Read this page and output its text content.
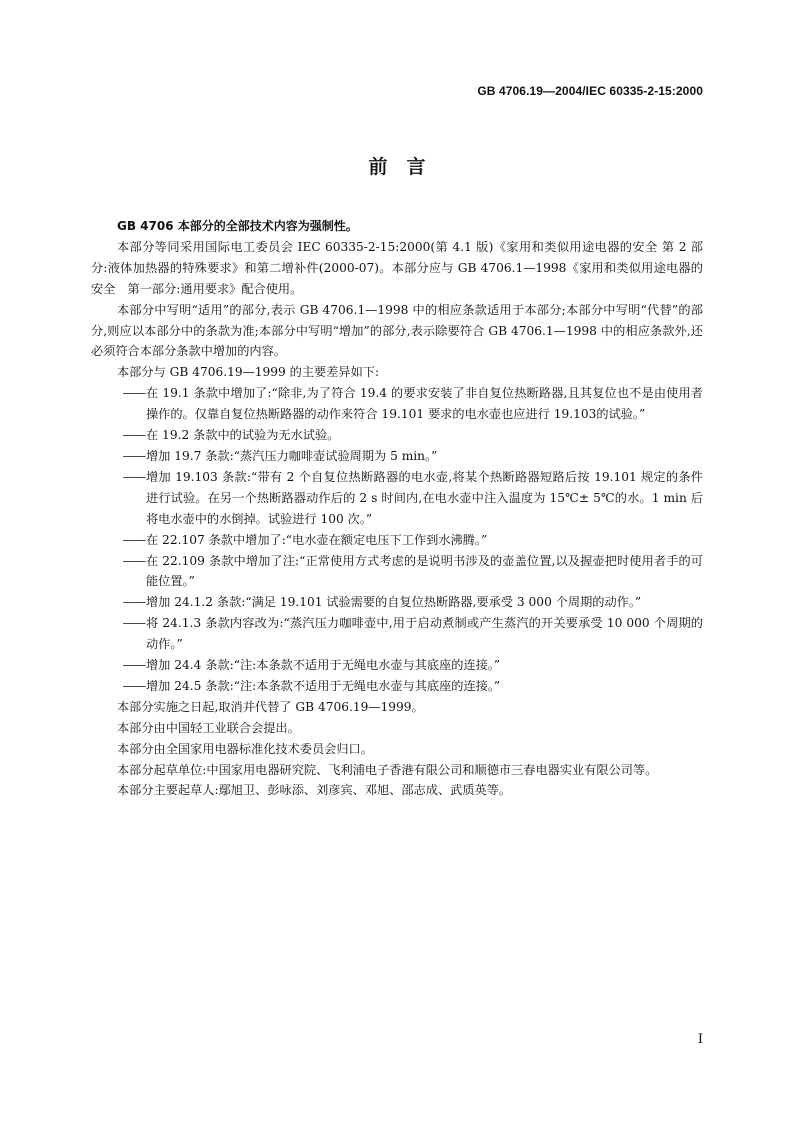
GB 4706.19—2004/IEC 60335-2-15:2000
前　言

GB 4706 本部分的全部技术内容为强制性。

本部分等同采用国际电工委员会 IEC 60335-2-15:2000(第 4.1 版)《家用和类似用途电器的安全 第 2 部分:液体加热器的特殊要求》和第二增补件(2000-07)。本部分应与 GB 4706.1—1998《家用和类似用途电器的安全　第一部分:通用要求》配合使用。

本部分中写明“适用”的部分,表示 GB 4706.1—1998 中的相应条款适用于本部分;本部分中写明“代替”的部分,则应以本部分中的条款为准;本部分中写明“增加”的部分,表示除要符合 GB 4706.1—1998 中的相应条款外,还必须符合本部分条款中增加的内容。

本部分与 GB 4706.19—1999 的主要差异如下:

—— 在 19.1 条款中增加了:“除非,为了符合 19.4 的要求安装了非自复位热断路器,且其复位也不是由使用者操作的。仅靠自复位热断路器的动作来符合 19.101 要求的电水壶也应进行 19.103的试验。”
—— 在 19.2 条款中的试验为无水试验。
—— 增加 19.7 条款:“蒸汽压力咖啡壶试验周期为 5 min。”
—— 增加 19.103 条款:“带有 2 个自复位热断路器的电水壶,将某个热断路器短路后按 19.101 规定的条件进行试验。在另一个热断路器动作后的 2 s 时间内,在电水壶中注入温度为 15℃± 5℃的水。1 min 后将电水壶中的水倒掉。试验进行 100 次。”
—— 在 22.107 条款中增加了:“电水壶在额定电压下工作到水沸腾。”
—— 在 22.109 条款中增加了注:“正常使用方式考虑的是说明书涉及的壶盖位置,以及握壶把时使用者手的可能位置。”
—— 增加 24.1.2 条款:“满足 19.101 试验需要的自复位热断路器,要承受 3 000 个周期的动作。”
—— 将 24.1.3 条款内容改为:“蒸汽压力咖啡壶中,用于启动煮制或产生蒸汽的开关要承受 10 000 个周期的动作。”
—— 增加 24.4 条款:“注:本条款不适用于无绳电水壶与其底座的连接。”
—— 增加 24.5 条款:“注:本条款不适用于无绳电水壶与其底座的连接。”

本部分实施之日起,取消并代替了 GB 4706.19—1999。

本部分由中国轻工业联合会提出。

本部分由全国家用电器标准化技术委员会归口。

本部分起草单位:中国家用电器研究院、飞利浦电子香港有限公司和顺德市三春电器实业有限公司等。

本部分主要起草人:鄢旭卫、彭咏添、刘彦宾、邓旭、邵志成、武质英等。

I
